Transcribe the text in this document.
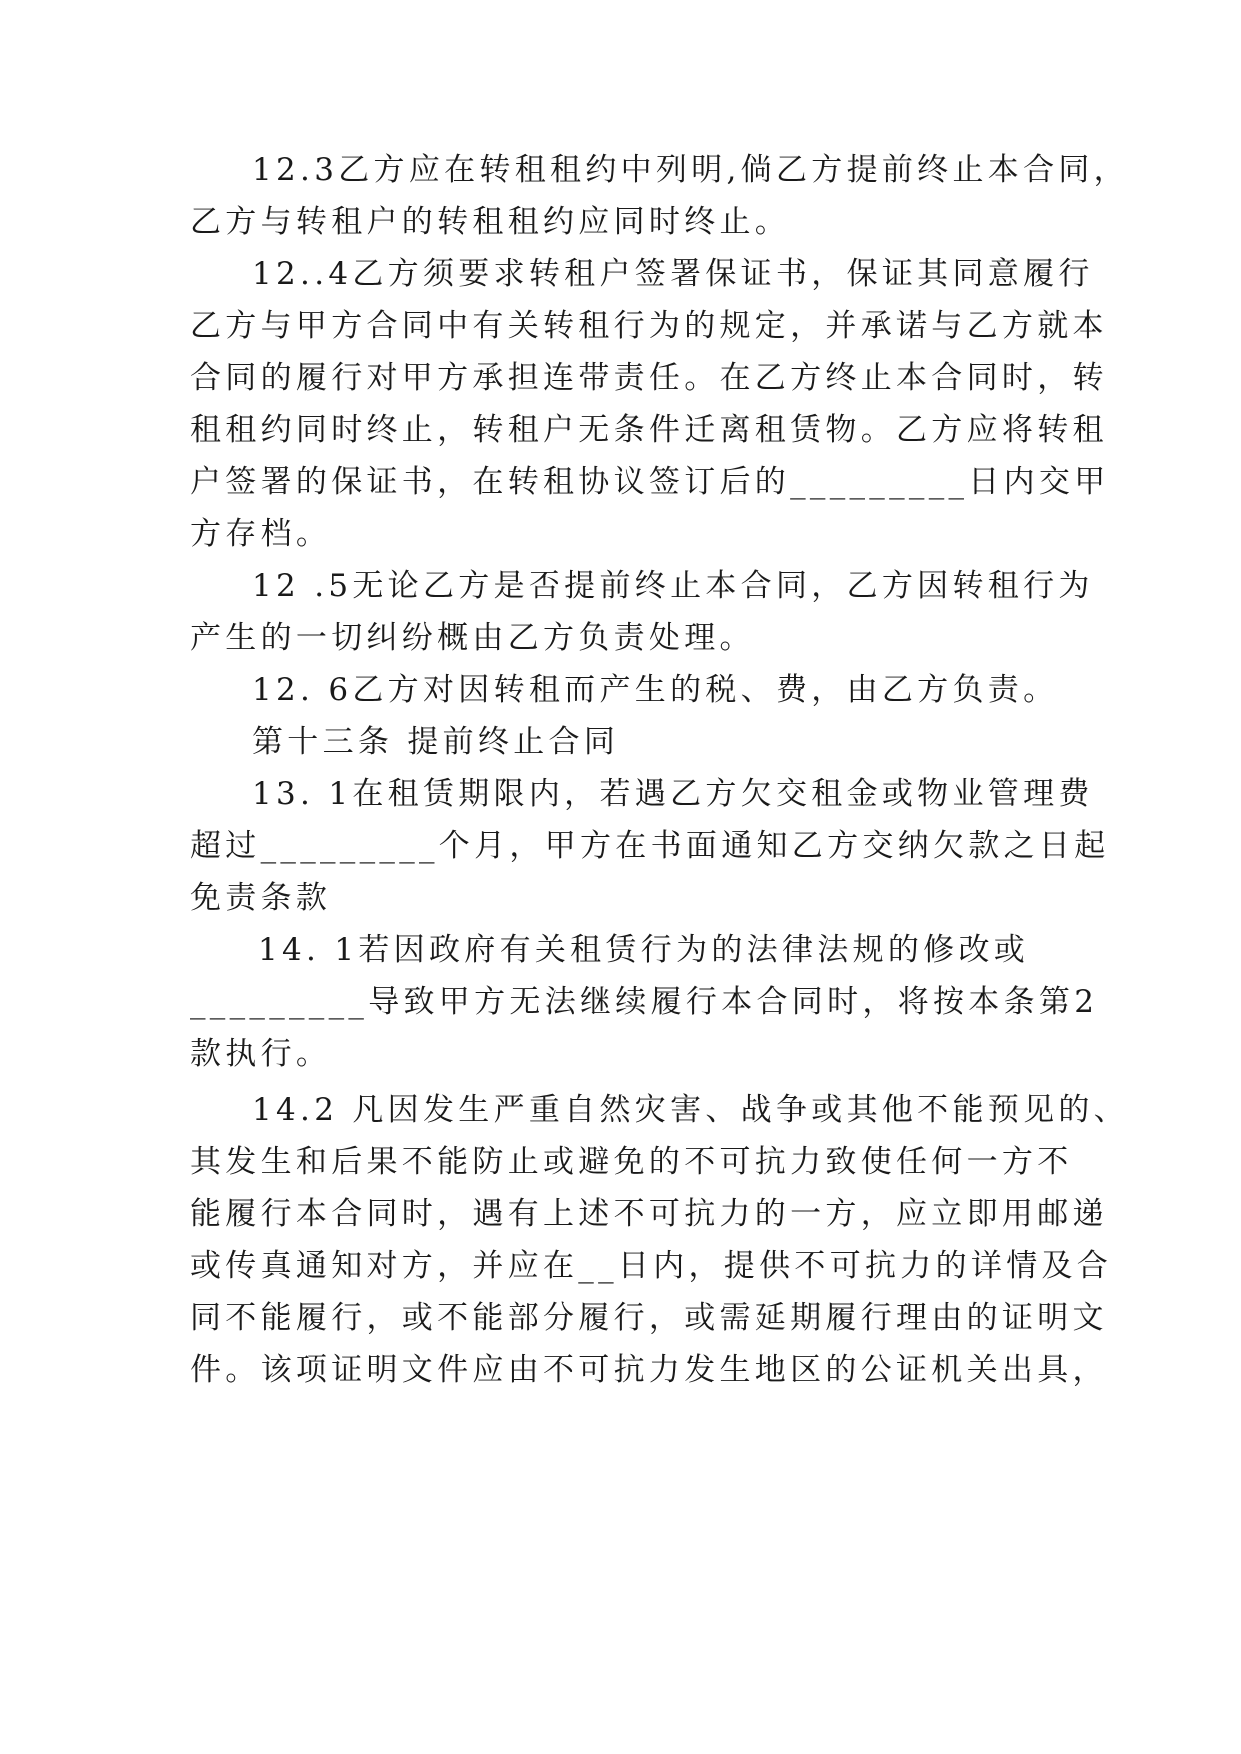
12.3乙方应在转租租约中列明,倘乙方提前终止本合同，

乙方与转租户的转租租约应同时终止。

12..4乙方须要求转租户签署保证书，保证其同意履行

乙方与甲方合同中有关转租行为的规定，并承诺与乙方就本

合同的履行对甲方承担连带责任。在乙方终止本合同时，转

租租约同时终止，转租户无条件迁离租赁物。乙方应将转租

户签署的保证书，在转租协议签订后的_________日内交甲

方存档。

12 .5无论乙方是否提前终止本合同，乙方因转租行为

产生的一切纠纷概由乙方负责处理。

12. 6乙方对因转租而产生的税、费，由乙方负责。

第十三条 提前终止合同

13. 1在租赁期限内，若遇乙方欠交租金或物业管理费

超过_________个月，甲方在书面通知乙方交纳欠款之日起

免责条款

14. 1若因政府有关租赁行为的法律法规的修改或

_________导致甲方无法继续履行本合同时，将按本条第2

款执行。

14.2 凡因发生严重自然灾害、战争或其他不能预见的、

其发生和后果不能防止或避免的不可抗力致使任何一方不

能履行本合同时，遇有上述不可抗力的一方，应立即用邮递

或传真通知对方，并应在__日内，提供不可抗力的详情及合

同不能履行，或不能部分履行，或需延期履行理由的证明文

件。该项证明文件应由不可抗力发生地区的公证机关出具，
